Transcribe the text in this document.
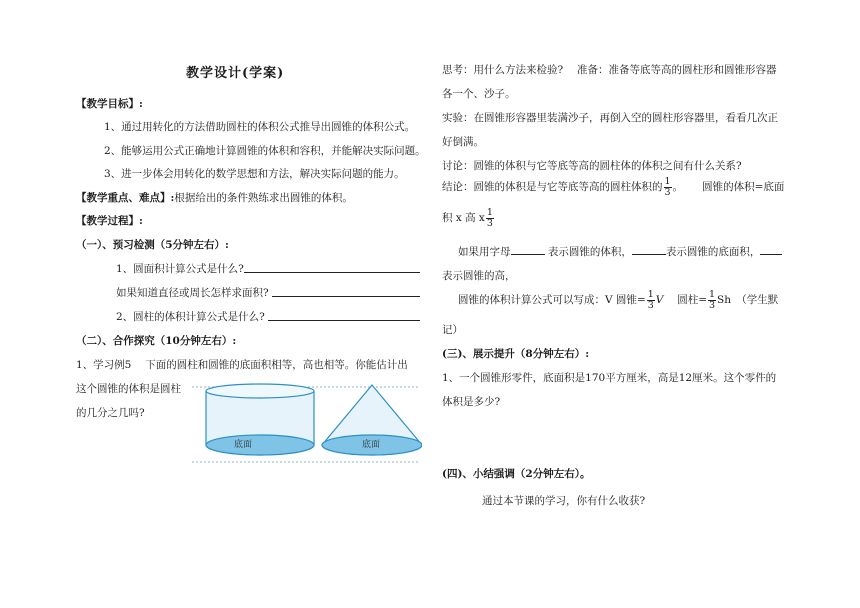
教学设计(学案)
【教学目标】:
1、通过用转化的方法借助圆柱的体积公式推导出圆锥的体积公式。
2、能够运用公式正确地计算圆锥的体积和容积，并能解决实际问题。
3、进一步体会用转化的数学思想和方法，解决实际问题的能力。
【教学重点、难点】:根据给出的条件熟练求出圆锥的体积。
【教学过程】:
（一）、预习检测（5分钟左右）:
1、圆面积计算公式是什么?
如果知道直径或周长怎样求面积?
2、圆柱的体积计算公式是什么?
（二）、合作探究（10分钟左右）:
1、学习例5　 下面的圆柱和圆锥的底面积相等，高也相等。你能估计出
这个圆锥的体积是圆柱
的几分之几吗?
底面	底面
思考：用什么方法来检验?　 准备：准备等底等高的圆柱形和圆锥形容器
各一个、沙子。
实验：在圆锥形容器里装满沙子，再倒入空的圆柱形容器里，看看几次正
好倒满。
讨论：圆锥的体积与它等底等高的圆柱体的体积之间有什么关系?
结论：圆锥的体积是与它等底等高的圆柱体积的 $\frac{1}{3}$ 。　　 圆锥的体积=底面
积 x 高 x $\frac{1}{3}$
如果用字母	表示圆锥的体积，	表示圆锥的底面积，
表示圆锥的高，
圆锥的体积计算公式可以写成：V 圆锥= $\frac{1}{3}$ V　 圆柱= $\frac{1}{3}$ Sh　（学生默
记）
(三)、展示提升（8分钟左右）:
1、一个圆锥形零件，底面积是170平方厘米，高是12厘米。这个零件的
体积是多少?
(四)、小结强调（2分钟左右）。
通过本节课的学习，你有什么收获?
